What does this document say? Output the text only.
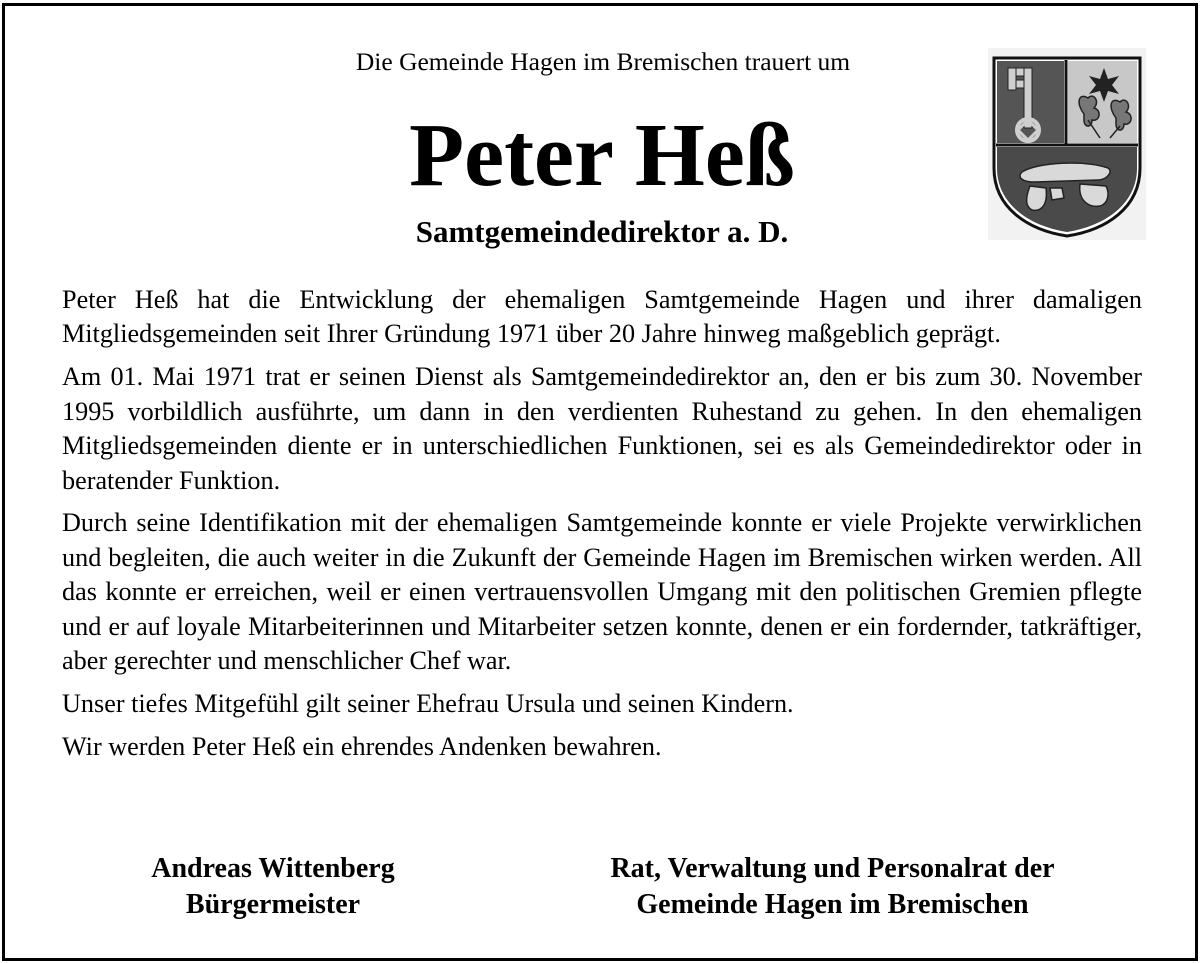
Die Gemeinde Hagen im Bremischen trauert um
Peter Heß
Samtgemeindedirektor a. D.

Peter Heß hat die Entwicklung der ehemaligen Samtgemeinde Hagen und ihrer damaligen Mitgliedsgemeinden seit Ihrer Gründung 1971 über 20 Jahre hinweg maßgeblich geprägt.

Am 01. Mai 1971 trat er seinen Dienst als Samtgemeindedirektor an, den er bis zum 30. November 1995 vorbildlich ausführte, um dann in den verdienten Ruhestand zu gehen. In den ehemaligen Mitgliedsgemeinden diente er in unterschiedlichen Funktionen, sei es als Gemeindedirektor oder in beratender Funktion.

Durch seine Identifikation mit der ehemaligen Samtgemeinde konnte er viele Projekte verwirklichen und begleiten, die auch weiter in die Zukunft der Gemeinde Hagen im Bremischen wirken werden. All das konnte er erreichen, weil er einen vertrauensvollen Umgang mit den politischen Gremien pflegte und er auf loyale Mitarbeiterinnen und Mitarbeiter setzen konnte, denen er ein fordernder, tatkräftiger, aber gerechter und menschlicher Chef war.

Unser tiefes Mitgefühl gilt seiner Ehefrau Ursula und seinen Kindern.

Wir werden Peter Heß ein ehrendes Andenken bewahren.

Andreas Wittenberg
Bürgermeister
Rat, Verwaltung und Personalrat der
Gemeinde Hagen im Bremischen
